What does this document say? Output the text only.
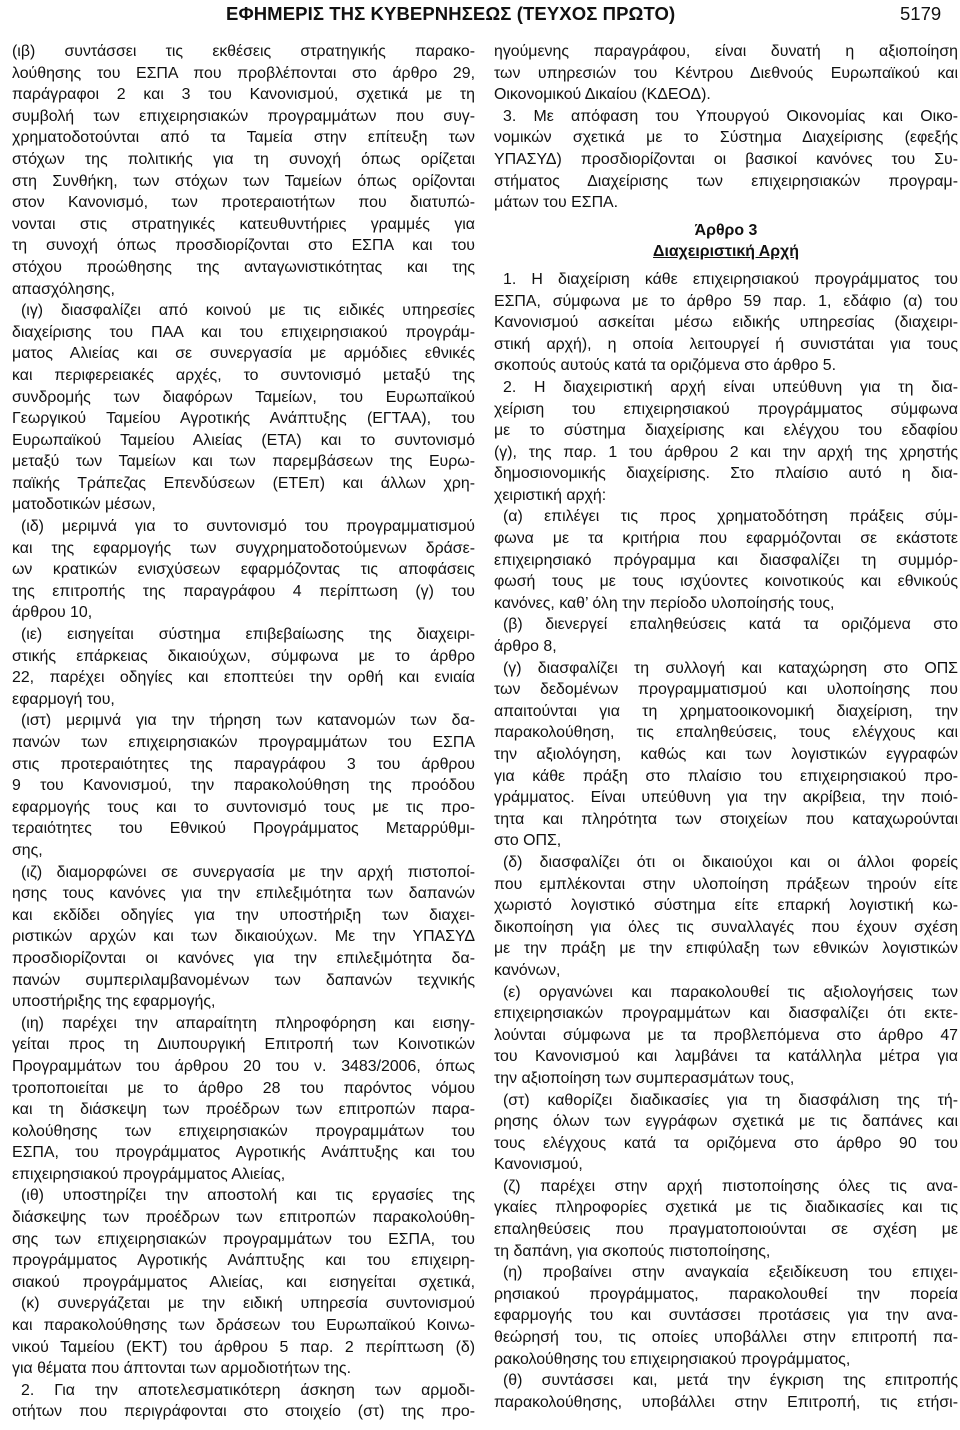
ΕΦΗΜΕΡΙΣ ΤΗΣ ΚΥΒΕΡΝΗΣΕΩΣ (ΤΕΥΧΟΣ ΠΡΩΤΟ)	5179
(ιβ) συντάσσει τις εκθέσεις στρατηγικής παρακο-
λούθησης του ΕΣΠΑ που προβλέπονται στο άρθρο 29,
παράγραφοι 2 και 3 του Κανονισμού, σχετικά με τη
συμβολή των επιχειρησιακών προγραμμάτων που συγ-
χρηματοδοτούνται από τα Ταμεία στην επίτευξη των
στόχων της πολιτικής για τη συνοχή όπως ορίζεται
στη Συνθήκη, των στόχων των Ταμείων όπως ορίζονται
στον Κανονισμό, των προτεραιοτήτων που διατυπώ-
νονται στις στρατηγικές κατευθυντήριες γραμμές για
τη συνοχή όπως προσδιορίζονται στο ΕΣΠΑ και του
στόχου προώθησης της ανταγωνιστικότητας και της
απασχόλησης,
(ιγ) διασφαλίζει από κοινού με τις ειδικές υπηρεσίες
διαχείρισης του ΠΑΑ και του επιχειρησιακού προγράμ-
ματος Αλιείας και σε συνεργασία με αρμόδιες εθνικές
και περιφερειακές αρχές, το συντονισμό μεταξύ της
συνδρομής των διαφόρων Ταμείων, του Ευρωπαϊκού
Γεωργικού Ταμείου Αγροτικής Ανάπτυξης (ΕΓΤΑΑ), του
Ευρωπαϊκού Ταμείου Αλιείας (ΕΤΑ) και το συντονισμό
μεταξύ των Ταμείων και των παρεμβάσεων της Ευρω-
παϊκής Τράπεζας Επενδύσεων (ΕΤΕπ) και άλλων χρη-
ματοδοτικών μέσων,
(ιδ) μεριμνά για το συντονισμό του προγραμματισμού
και της εφαρμογής των συγχρηματοδοτούμενων δράσε-
ων κρατικών ενισχύσεων εφαρμόζοντας τις αποφάσεις
της επιτροπής της παραγράφου 4 περίπτωση (γ) του
άρθρου 10,
(ιε) εισηγείται σύστημα επιβεβαίωσης της διαχειρι-
στικής επάρκειας δικαιούχων, σύμφωνα με το άρθρο
22, παρέχει οδηγίες και εποπτεύει την ορθή και ενιαία
εφαρμογή του,
(ιστ) μεριμνά για την τήρηση των κατανομών των δα-
πανών των επιχειρησιακών προγραμμάτων του ΕΣΠΑ
στις προτεραιότητες της παραγράφου 3 του άρθρου
9 του Κανονισμού, την παρακολούθηση της προόδου
εφαρμογής τους και το συντονισμό τους με τις προ-
τεραιότητες του Εθνικού Προγράμματος Μεταρρύθμι-
σης,
(ιζ) διαμορφώνει σε συνεργασία με την αρχή πιστοποί-
ησης τους κανόνες για την επιλεξιμότητα των δαπανών
και εκδίδει οδηγίες για την υποστήριξη των διαχει-
ριστικών αρχών και των δικαιούχων. Με την ΥΠΑΣΥΔ
προσδιορίζονται οι κανόνες για την επιλεξιμότητα δα-
πανών συμπεριλαμβανομένων των δαπανών τεχνικής
υποστήριξης της εφαρμογής,
(ιη) παρέχει την απαραίτητη πληροφόρηση και εισηγ-
γείται προς τη Διυπουργική Επιτροπή των Κοινοτικών
Προγραμμάτων του άρθρου 20 του ν. 3483/2006, όπως
τροποποιείται με το άρθρο 28 του παρόντος νόμου
και τη διάσκεψη των προέδρων των επιτροπών παρα-
κολούθησης των επιχειρησιακών προγραμμάτων του
ΕΣΠΑ, του προγράμματος Αγροτικής Ανάπτυξης και του
επιχειρησιακού προγράμματος Αλιείας,
(ιθ) υποστηρίζει την αποστολή και τις εργασίες της
διάσκεψης των προέδρων των επιτροπών παρακολούθη-
σης των επιχειρησιακών προγραμμάτων του ΕΣΠΑ, του
προγράμματος Αγροτικής Ανάπτυξης και του επιχειρη-
σιακού προγράμματος Αλιείας, και εισηγείται σχετικά,
(κ) συνεργάζεται με την ειδική υπηρεσία συντονισμού
και παρακολούθησης των δράσεων του Ευρωπαϊκού Κοινω-
νικού Ταμείου (ΕΚΤ) του άρθρου 5 παρ. 2 περίπτωση (δ)
για θέματα που άπτονται των αρμοδιοτήτων της.
2. Για την αποτελεσματικότερη άσκηση των αρμοδι-
οτήτων που περιγράφονται στο στοιχείο (στ) της προ-
ηγούμενης παραγράφου, είναι δυνατή η αξιοποίηση
των υπηρεσιών του Κέντρου Διεθνούς Ευρωπαϊκού και
Οικονομικού Δικαίου (ΚΔΕΟΔ).
3. Με απόφαση του Υπουργού Οικονομίας και Οικο-
νομικών σχετικά με το Σύστημα Διαχείρισης (εφεξής
ΥΠΑΣΥΔ) προσδιορίζονται οι βασικοί κανόνες του Συ-
στήματος Διαχείρισης των επιχειρησιακών προγραμ-
μάτων του ΕΣΠΑ.
Άρθρο 3
Διαχειριστική Αρχή
1. Η διαχείριση κάθε επιχειρησιακού προγράμματος του
ΕΣΠΑ, σύμφωνα με το άρθρο 59 παρ. 1, εδάφιο (α) του
Κανονισμού ασκείται μέσω ειδικής υπηρεσίας (διαχειρι-
στική αρχή), η οποία λειτουργεί ή συνιστάται για τους
σκοπούς αυτούς κατά τα οριζόμενα στο άρθρο 5.
2. Η διαχειριστική αρχή είναι υπεύθυνη για τη δια-
χείριση του επιχειρησιακού προγράμματος σύμφωνα
με το σύστημα διαχείρισης και ελέγχου του εδαφίου
(γ), της παρ. 1 του άρθρου 2 και την αρχή της χρηστής
δημοσιονομικής διαχείρισης. Στο πλαίσιο αυτό η δια-
χειριστική αρχή:
(α) επιλέγει τις προς χρηματοδότηση πράξεις σύμ-
φωνα με τα κριτήρια που εφαρμόζονται σε εκάστοτε
επιχειρησιακό πρόγραμμα και διασφαλίζει τη συμμόρ-
φωσή τους με τους ισχύοντες κοινοτικούς και εθνικούς
κανόνες, καθ’ όλη την περίοδο υλοποίησής τους,
(β) διενεργεί επαληθεύσεις κατά τα οριζόμενα στο
άρθρο 8,
(γ) διασφαλίζει τη συλλογή και καταχώρηση στο ΟΠΣ
των δεδομένων προγραμματισμού και υλοποίησης που
απαιτούνται για τη χρηματοοικονομική διαχείριση, την
παρακολούθηση, τις επαληθεύσεις, τους ελέγχους και
την αξιολόγηση, καθώς και των λογιστικών εγγραφών
για κάθε πράξη στο πλαίσιο του επιχειρησιακού προ-
γράμματος. Είναι υπεύθυνη για την ακρίβεια, την ποιό-
τητα και πληρότητα των στοιχείων που καταχωρούνται
στο ΟΠΣ,
(δ) διασφαλίζει ότι οι δικαιούχοι και οι άλλοι φορείς
που εμπλέκονται στην υλοποίηση πράξεων τηρούν είτε
χωριστό λογιστικό σύστημα είτε επαρκή λογιστική κω-
δικοποίηση για όλες τις συναλλαγές που έχουν σχέση
με την πράξη με την επιφύλαξη των εθνικών λογιστικών
κανόνων,
(ε) οργανώνει και παρακολουθεί τις αξιολογήσεις των
επιχειρησιακών προγραμμάτων και διασφαλίζει ότι εκτε-
λούνται σύμφωνα με τα προβλεπόμενα στο άρθρο 47
του Κανονισμού και λαμβάνει τα κατάλληλα μέτρα για
την αξιοποίηση των συμπερασμάτων τους,
(στ) καθορίζει διαδικασίες για τη διασφάλιση της τή-
ρησης όλων των εγγράφων σχετικά με τις δαπάνες και
τους ελέγχους κατά τα οριζόμενα στο άρθρο 90 του
Κανονισμού,
(ζ) παρέχει στην αρχή πιστοποίησης όλες τις ανα-
γκαίες πληροφορίες σχετικά με τις διαδικασίες και τις
επαληθεύσεις που πραγματοποιούνται σε σχέση με
τη δαπάνη, για σκοπούς πιστοποίησης,
(η) προβαίνει στην αναγκαία εξειδίκευση του επιχει-
ρησιακού προγράμματος, παρακολουθεί την πορεία
εφαρμογής του και συντάσσει προτάσεις για την ανα-
θεώρησή του, τις οποίες υποβάλλει στην επιτροπή πα-
ρακολούθησης του επιχειρησιακού προγράμματος,
(θ) συντάσσει και, μετά την έγκριση της επιτροπής
παρακολούθησης, υποβάλλει στην Επιτροπή, τις ετήσι-
